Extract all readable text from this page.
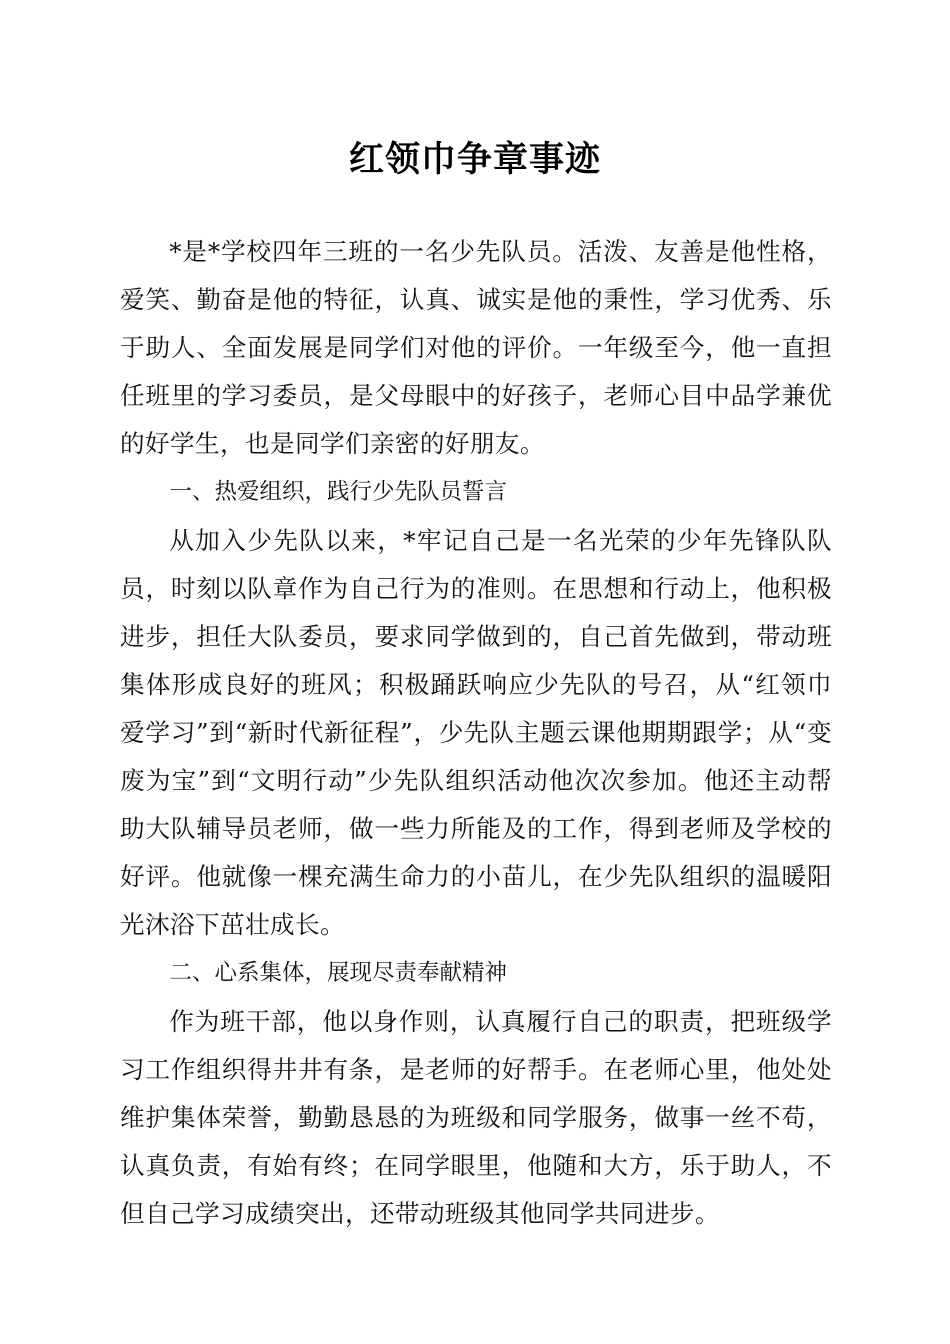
红领巾争章事迹

*是*学校四年三班的一名少先队员。活泼、友善是他性格，爱笑、勤奋是他的特征，认真、诚实是他的秉性，学习优秀、乐于助人、全面发展是同学们对他的评价。一年级至今，他一直担任班里的学习委员，是父母眼中的好孩子，老师心目中品学兼优的好学生，也是同学们亲密的好朋友。

一、热爱组织，践行少先队员誓言

从加入少先队以来，*牢记自己是一名光荣的少年先锋队队员，时刻以队章作为自己行为的准则。在思想和行动上，他积极进步，担任大队委员，要求同学做到的，自己首先做到，带动班集体形成良好的班风；积极踊跃响应少先队的号召，从“红领巾爱学习”到“新时代新征程”，少先队主题云课他期期跟学；从“变废为宝”到“文明行动”少先队组织活动他次次参加。他还主动帮助大队辅导员老师，做一些力所能及的工作，得到老师及学校的好评。他就像一棵充满生命力的小苗儿，在少先队组织的温暖阳光沐浴下茁壮成长。

二、心系集体，展现尽责奉献精神

作为班干部，他以身作则，认真履行自己的职责，把班级学习工作组织得井井有条，是老师的好帮手。在老师心里，他处处维护集体荣誉，勤勤恳恳的为班级和同学服务，做事一丝不苟，认真负责，有始有终；在同学眼里，他随和大方，乐于助人，不但自己学习成绩突出，还带动班级其他同学共同进步。
